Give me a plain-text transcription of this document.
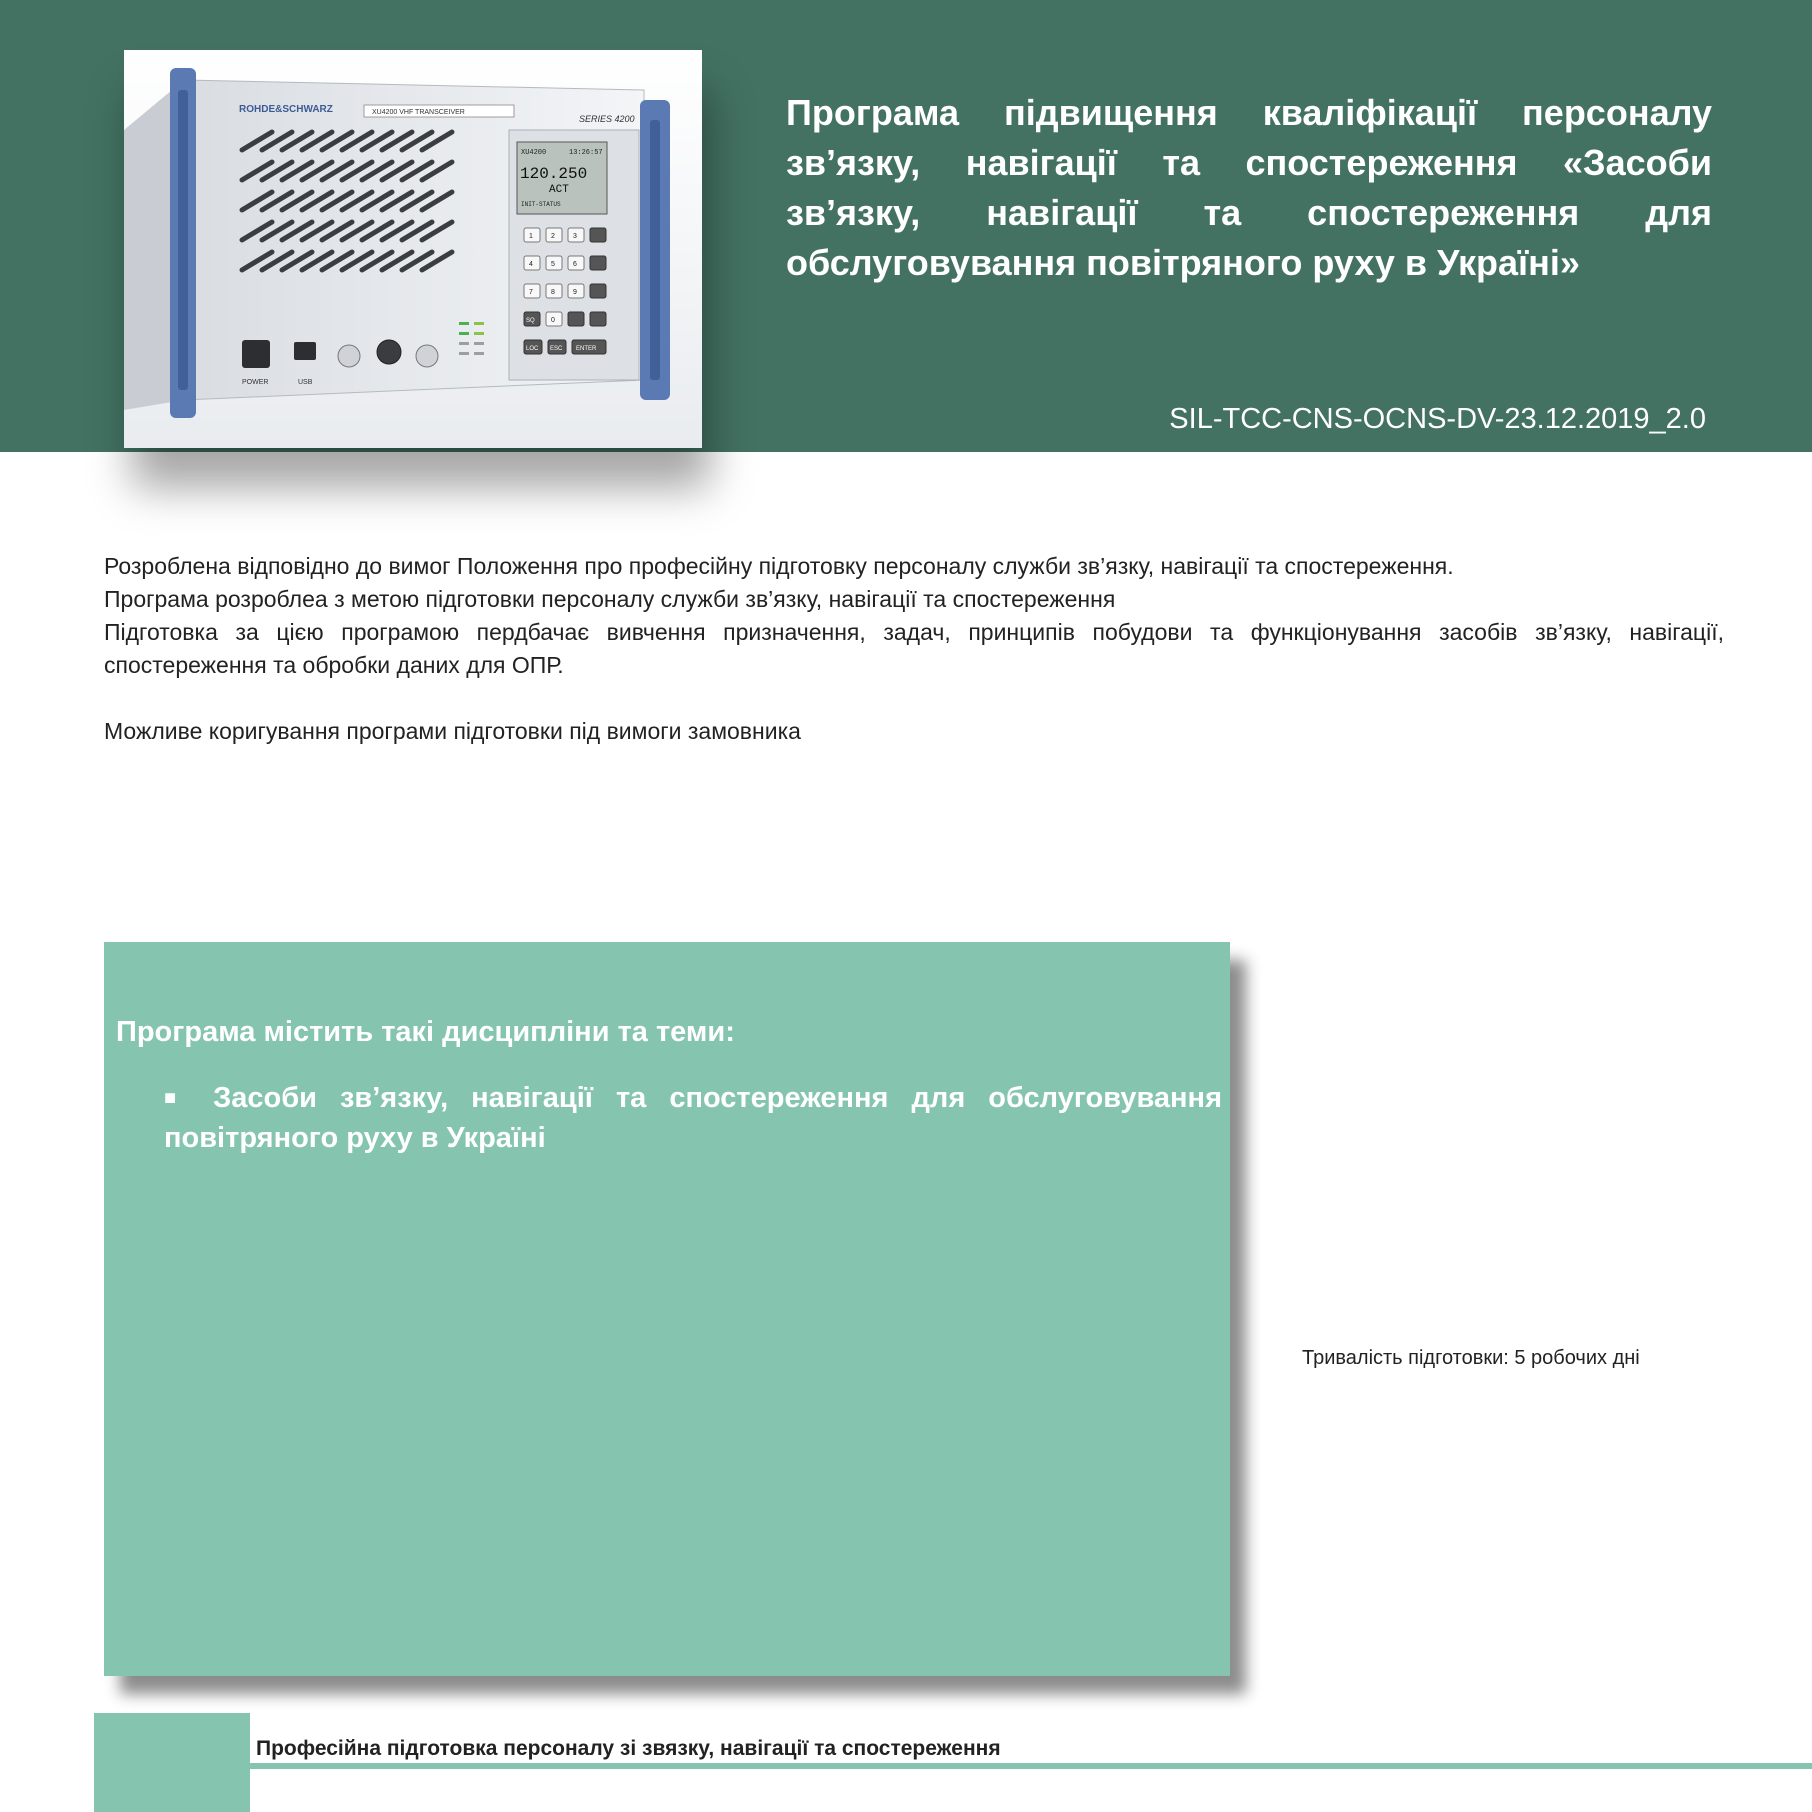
ROHDE&SCHWARZ	XU4200 VHF TRANSCEIVER
SERIES 4200
XU4200	13:26:57
120.250
ACT
INIT-STATUS
1	2	3
4	5	6
7	8	9
SQ 0
LOC ESC ENTER
POWER	USB

Програма підвищення кваліфікації персоналу зв’язку, навігації та спостереження «Засоби зв’язку, навігації та спостереження для обслуговування повітряного руху в Україні»

SIL-TCC-CNS-OCNS-DV-23.12.2019_2.0

Розроблена відповідно до вимог Положення про професійну підготовку персоналу служби зв’язку, навігації та спостереження.

Програма розроблеа з метою підготовки персоналу служби зв’язку, навігації та спостереження

Підготовка за цією програмою пердбачає вивчення призначення, задач, принципів побудови та функціонування засобів зв’язку, навігації, спостереження та обробки даних для ОПР.

Можливе коригування програми підготовки під вимоги замовника

Програма містить такі дисципліни та теми:

■ Засоби зв’язку, навігації та спостереження для обслуговування повітряного руху в Україні

Тривалість підготовки: 5 робочих дні

Професійна підготовка персоналу зі звязку, навігації та спостереження
